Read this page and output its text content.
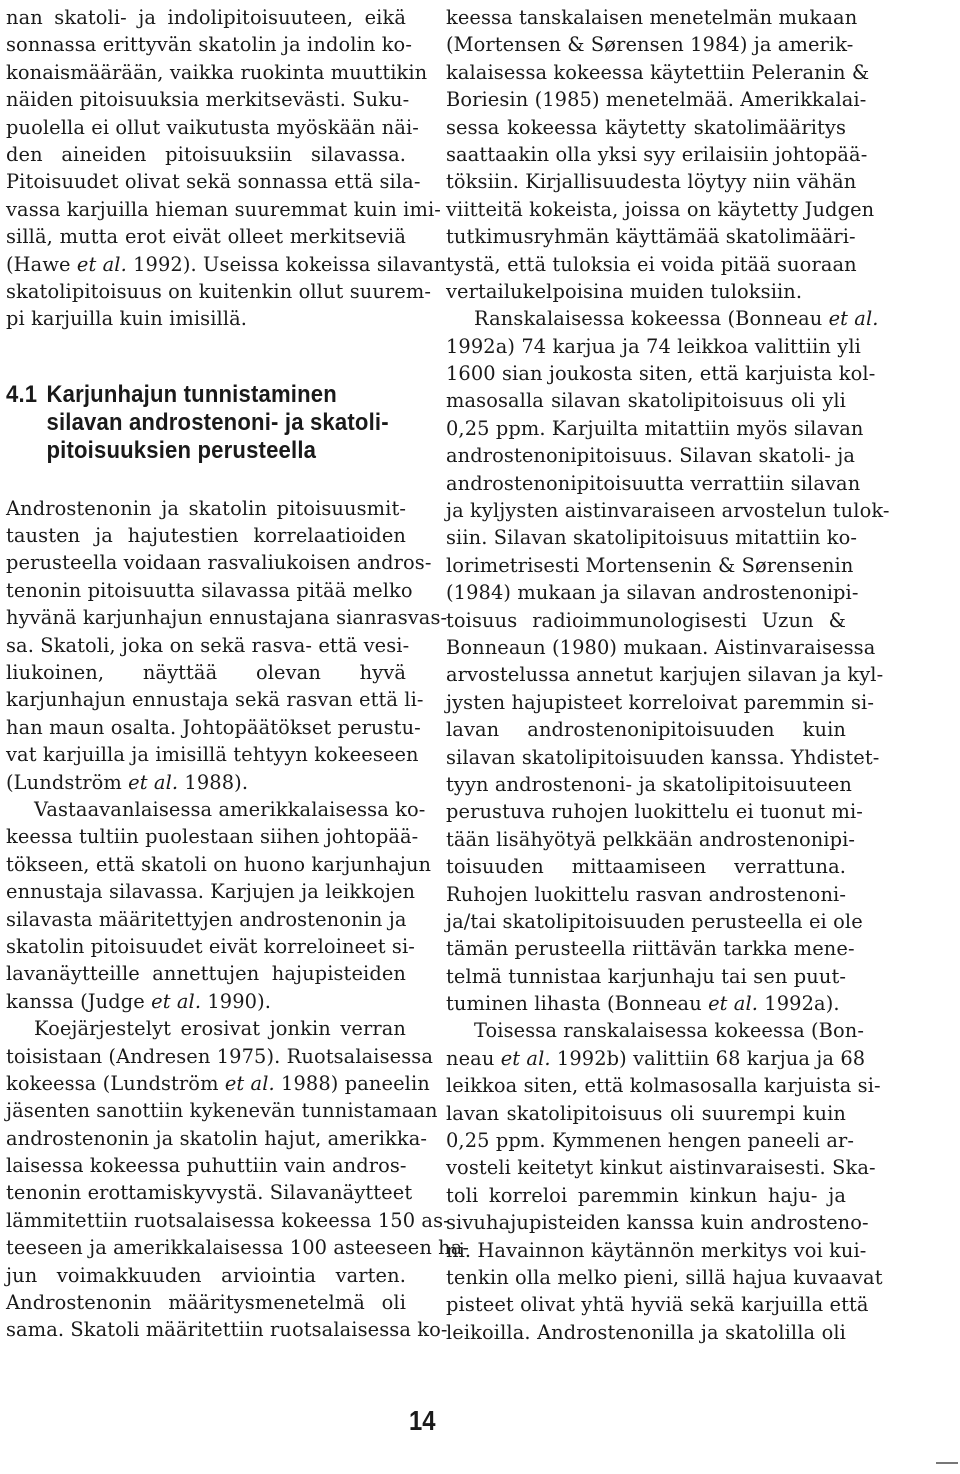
nan skatoli- ja indolipitoisuuteen, eikä
sonnassa erittyvän skatolin ja indolin ko-
konaismäärään, vaikka ruokinta muuttikin
näiden pitoisuuksia merkitsevästi. Suku-
puolella ei ollut vaikutusta myöskään näi-
den aineiden pitoisuuksiin silavassa.
Pitoisuudet olivat sekä sonnassa että sila-
vassa karjuilla hieman suuremmat kuin imi-
sillä, mutta erot eivät olleet merkitseviä
(Hawe et al. 1992). Useissa kokeissa silavan
skatolipitoisuus on kuitenkin ollut suurem-
pi karjuilla kuin imisillä.
4.1 Karjunhajun tunnistaminen
silavan androstenoni- ja skatoli-
pitoisuuksien perusteella
Androstenonin ja skatolin pitoisuusmit-
tausten ja hajutestien korrelaatioiden
perusteella voidaan rasvaliukoisen andros-
tenonin pitoisuutta silavassa pitää melko
hyvänä karjunhajun ennustajana sianrasvas-
sa. Skatoli, joka on sekä rasva- että vesi-
liukoinen, näyttää olevan hyvä
karjunhajun ennustaja sekä rasvan että li-
han maun osalta. Johtopäätökset perustu-
vat karjuilla ja imisillä tehtyyn kokeeseen
(Lundström et al. 1988).
Vastaavanlaisessa amerikkalaisessa ko-
keessa tultiin puolestaan siihen johtopää-
tökseen, että skatoli on huono karjunhajun
ennustaja silavassa. Karjujen ja leikkojen
silavasta määritettyjen androstenonin ja
skatolin pitoisuudet eivät korreloineet si-
lavanäytteille annettujen hajupisteiden
kanssa (Judge et al. 1990).
Koejärjestelyt erosivat jonkin verran
toisistaan (Andresen 1975). Ruotsalaisessa
kokeessa (Lundström et al. 1988) paneelin
jäsenten sanottiin kykenevän tunnistamaan
androstenonin ja skatolin hajut, amerikka-
laisessa kokeessa puhuttiin vain andros-
tenonin erottamiskyvystä. Silavanäytteet
lämmitettiin ruotsalaisessa kokeessa 150 as-
teeseen ja amerikkalaisessa 100 asteeseen ha-
jun voimakkuuden arviointia varten.
Androstenonin määritysmenetelmä oli
sama. Skatoli määritettiin ruotsalaisessa ko-
keessa tanskalaisen menetelmän mukaan
(Mortensen & Sørensen 1984) ja amerik-
kalaisessa kokeessa käytettiin Peleranin &
Boriesin (1985) menetelmää. Amerikkalai-
sessa kokeessa käytetty skatolimääritys
saattaakin olla yksi syy erilaisiin johtopää-
töksiin. Kirjallisuudesta löytyy niin vähän
viitteitä kokeista, joissa on käytetty Judgen
tutkimusryhmän käyttämää skatolimääri-
tystä, että tuloksia ei voida pitää suoraan
vertailukelpoisina muiden tuloksiin.
Ranskalaisessa kokeessa (Bonneau et al.
1992a) 74 karjua ja 74 leikkoa valittiin yli
1600 sian joukosta siten, että karjuista kol-
masosalla silavan skatolipitoisuus oli yli
0,25 ppm. Karjuilta mitattiin myös silavan
androstenonipitoisuus. Silavan skatoli- ja
androstenonipitoisuutta verrattiin silavan
ja kyljysten aistinvaraiseen arvostelun tulok-
siin. Silavan skatolipitoisuus mitattiin ko-
lorimetrisesti Mortensenin & Sørensenin
(1984) mukaan ja silavan androstenonipi-
toisuus radioimmunologisesti Uzun &
Bonneaun (1980) mukaan. Aistinvaraisessa
arvostelussa annetut karjujen silavan ja kyl-
jysten hajupisteet korreloivat paremmin si-
lavan androstenonipitoisuuden kuin
silavan skatolipitoisuuden kanssa. Yhdistet-
tyyn androstenoni- ja skatolipitoisuuteen
perustuva ruhojen luokittelu ei tuonut mi-
tään lisähyötyä pelkkään androstenonipi-
toisuuden mittaamiseen verrattuna.
Ruhojen luokittelu rasvan androstenoni-
ja/tai skatolipitoisuuden perusteella ei ole
tämän perusteella riittävän tarkka mene-
telmä tunnistaa karjunhaju tai sen puut-
tuminen lihasta (Bonneau et al. 1992a).
Toisessa ranskalaisessa kokeessa (Bon-
neau et al. 1992b) valittiin 68 karjua ja 68
leikkoa siten, että kolmasosalla karjuista si-
lavan skatolipitoisuus oli suurempi kuin
0,25 ppm. Kymmenen hengen paneeli ar-
vosteli keitetyt kinkut aistinvaraisesti. Ska-
toli korreloi paremmin kinkun haju- ja
sivuhajupisteiden kanssa kuin androsteno-
ni. Havainnon käytännön merkitys voi kui-
tenkin olla melko pieni, sillä hajua kuvaavat
pisteet olivat yhtä hyviä sekä karjuilla että
leikoilla. Androstenonilla ja skatolilla oli
14
